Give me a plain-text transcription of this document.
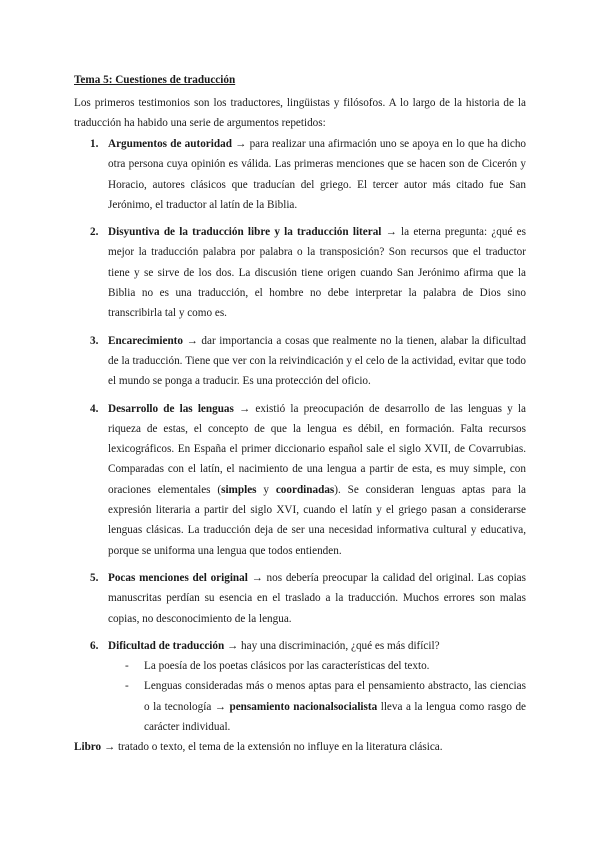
Tema 5: Cuestiones de traducción
Los primeros testimonios son los traductores, lingüistas y filósofos. A lo largo de la historia de la traducción ha habido una serie de argumentos repetidos:
1. Argumentos de autoridad → para realizar una afirmación uno se apoya en lo que ha dicho otra persona cuya opinión es válida. Las primeras menciones que se hacen son de Cicerón y Horacio, autores clásicos que traducían del griego. El tercer autor más citado fue San Jerónimo, el traductor al latín de la Biblia.
2. Disyuntiva de la traducción libre y la traducción literal → la eterna pregunta: ¿qué es mejor la traducción palabra por palabra o la transposición? Son recursos que el traductor tiene y se sirve de los dos. La discusión tiene origen cuando San Jerónimo afirma que la Biblia no es una traducción, el hombre no debe interpretar la palabra de Dios sino transcribirla tal y como es.
3. Encarecimiento → dar importancia a cosas que realmente no la tienen, alabar la dificultad de la traducción. Tiene que ver con la reivindicación y el celo de la actividad, evitar que todo el mundo se ponga a traducir. Es una protección del oficio.
4. Desarrollo de las lenguas → existió la preocupación de desarrollo de las lenguas y la riqueza de estas, el concepto de que la lengua es débil, en formación. Falta recursos lexicográficos. En España el primer diccionario español sale el siglo XVII, de Covarrubias. Comparadas con el latín, el nacimiento de una lengua a partir de esta, es muy simple, con oraciones elementales (simples y coordinadas). Se consideran lenguas aptas para la expresión literaria a partir del siglo XVI, cuando el latín y el griego pasan a considerarse lenguas clásicas. La traducción deja de ser una necesidad informativa cultural y educativa, porque se uniforma una lengua que todos entienden.
5. Pocas menciones del original → nos debería preocupar la calidad del original. Las copias manuscritas perdían su esencia en el traslado a la traducción. Muchos errores son malas copias, no desconocimiento de la lengua.
6. Dificultad de traducción → hay una discriminación, ¿qué es más difícil?
- La poesía de los poetas clásicos por las características del texto.
- Lenguas consideradas más o menos aptas para el pensamiento abstracto, las ciencias o la tecnología → pensamiento nacionalsocialista lleva a la lengua como rasgo de carácter individual.
Libro → tratado o texto, el tema de la extensión no influye en la literatura clásica.
